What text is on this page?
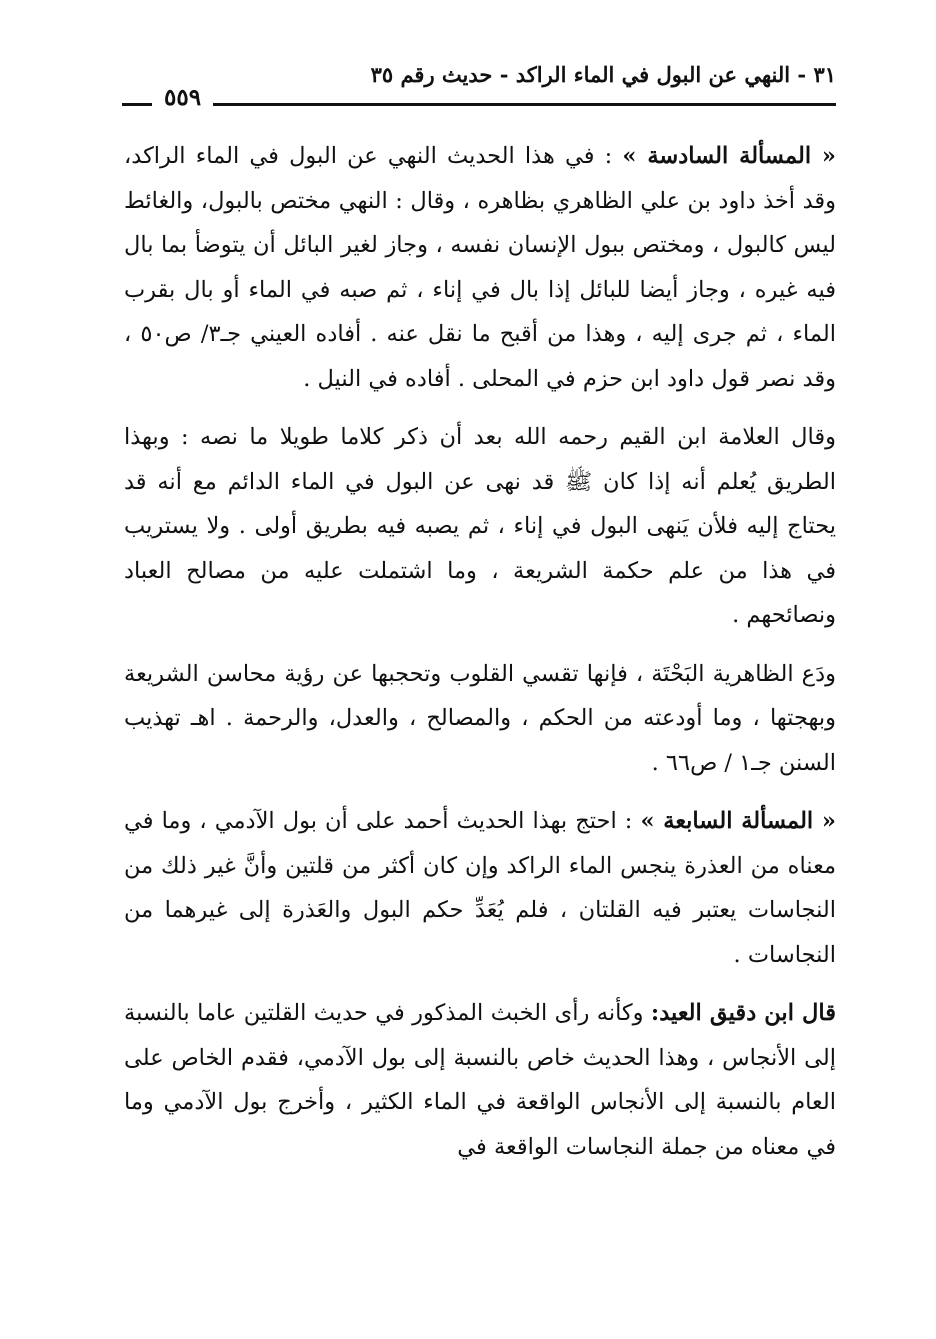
٣١ - النهي عن البول في الماء الراكد - حديث رقم ٣٥
٥٥٩

« المسألة السادسة » : في هذا الحديث النهي عن البول في الماء الراكد، وقد أخذ داود بن علي الظاهري بظاهره ، وقال : النهي مختص بالبول، والغائط ليس كالبول ، ومختص ببول الإنسان نفسه ، وجاز لغير البائل أن يتوضأ بما بال فيه غيره ، وجاز أيضا للبائل إذا بال في إناء ، ثم صبه في الماء أو بال بقرب الماء ، ثم جرى إليه ، وهذا من أقبح ما نقل عنه . أفاده العيني جـ٣/ ص٥٠ ، وقد نصر قول داود ابن حزم في المحلى . أفاده في النيل .

وقال العلامة ابن القيم رحمه الله بعد أن ذكر كلاما طويلا ما نصه : وبهذا الطريق يُعلم أنه إذا كان ﷺ قد نهى عن البول في الماء الدائم مع أنه قد يحتاج إليه فلأن يَنهى البول في إناء ، ثم يصبه فيه بطريق أولى . ولا يستريب في هذا من علم حكمة الشريعة ، وما اشتملت عليه من مصالح العباد ونصائحهم .

ودَع الظاهرية البَحْتَة ، فإنها تقسي القلوب وتحجبها عن رؤية محاسن الشريعة وبهجتها ، وما أودعته من الحكم ، والمصالح ، والعدل، والرحمة . اهـ تهذيب السنن جـ١ / ص٦٦ .

« المسألة السابعة » : احتج بهذا الحديث أحمد على أن بول الآدمي ، وما في معناه من العذرة ينجس الماء الراكد وإن كان أكثر من قلتين وأنَّ غير ذلك من النجاسات يعتبر فيه القلتان ، فلم يُعَدِّ حكم البول والعَذرة إلى غيرهما من النجاسات .

قال ابن دقيق العيد: وكأنه رأى الخبث المذكور في حديث القلتين عاما بالنسبة إلى الأنجاس ، وهذا الحديث خاص بالنسبة إلى بول الآدمي، فقدم الخاص على العام بالنسبة إلى الأنجاس الواقعة في الماء الكثير ، وأخرج بول الآدمي وما في معناه من جملة النجاسات الواقعة في
